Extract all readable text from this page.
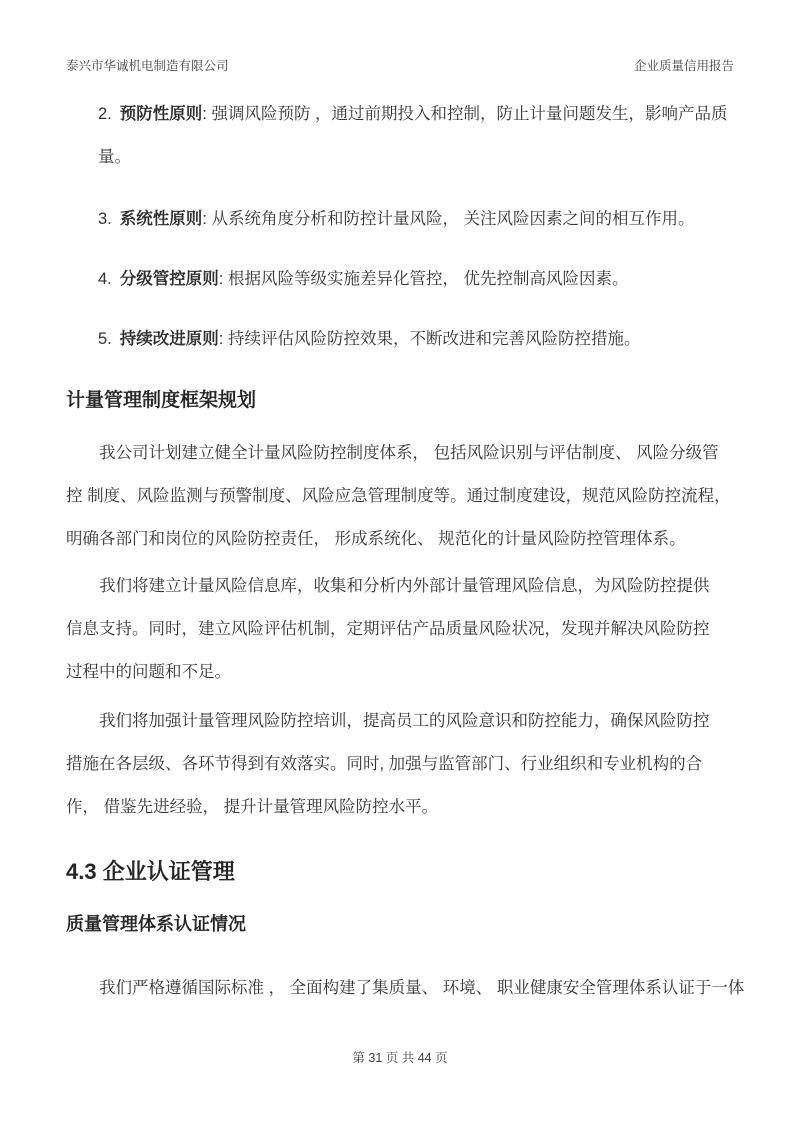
泰兴市华诚机电制造有限公司	企业质量信用报告
2. 预防性原则: 强调风险预防 ，通过前期投入和控制，防止计量问题发生，影响产品质
量。
3. 系统性原则: 从系统角度分析和防控计量风险， 关注风险因素之间的相互作用。
4. 分级管控原则: 根据风险等级实施差异化管控， 优先控制高风险因素。
5. 持续改进原则: 持续评估风险防控效果，不断改进和完善风险防控措施。
计量管理制度框架规划
我公司计划建立健全计量风险防控制度体系， 包括风险识别与评估制度、 风险分级管
控 制度、风险监测与预警制度、风险应急管理制度等。通过制度建设，规范风险防控流程，
明确各部门和岗位的风险防控责任， 形成系统化、 规范化的计量风险防控管理体系。
我们将建立计量风险信息库，收集和分析内外部计量管理风险信息，为风险防控提供
信息支持。同时，建立风险评估机制，定期评估产品质量风险状况，发现并解决风险防控
过程中的问题和不足。
我们将加强计量管理风险防控培训，提高员工的风险意识和防控能力，确保风险防控
措施在各层级、各环节得到有效落实。同时, 加强与监管部门、行业组织和专业机构的合
作， 借鉴先进经验， 提升计量管理风险防控水平。
4.3 企业认证管理
质量管理体系认证情况
我们严格遵循国际标准 ， 全面构建了集质量、 环境、 职业健康安全管理体系认证于一体
第 31 页 共 44 页
